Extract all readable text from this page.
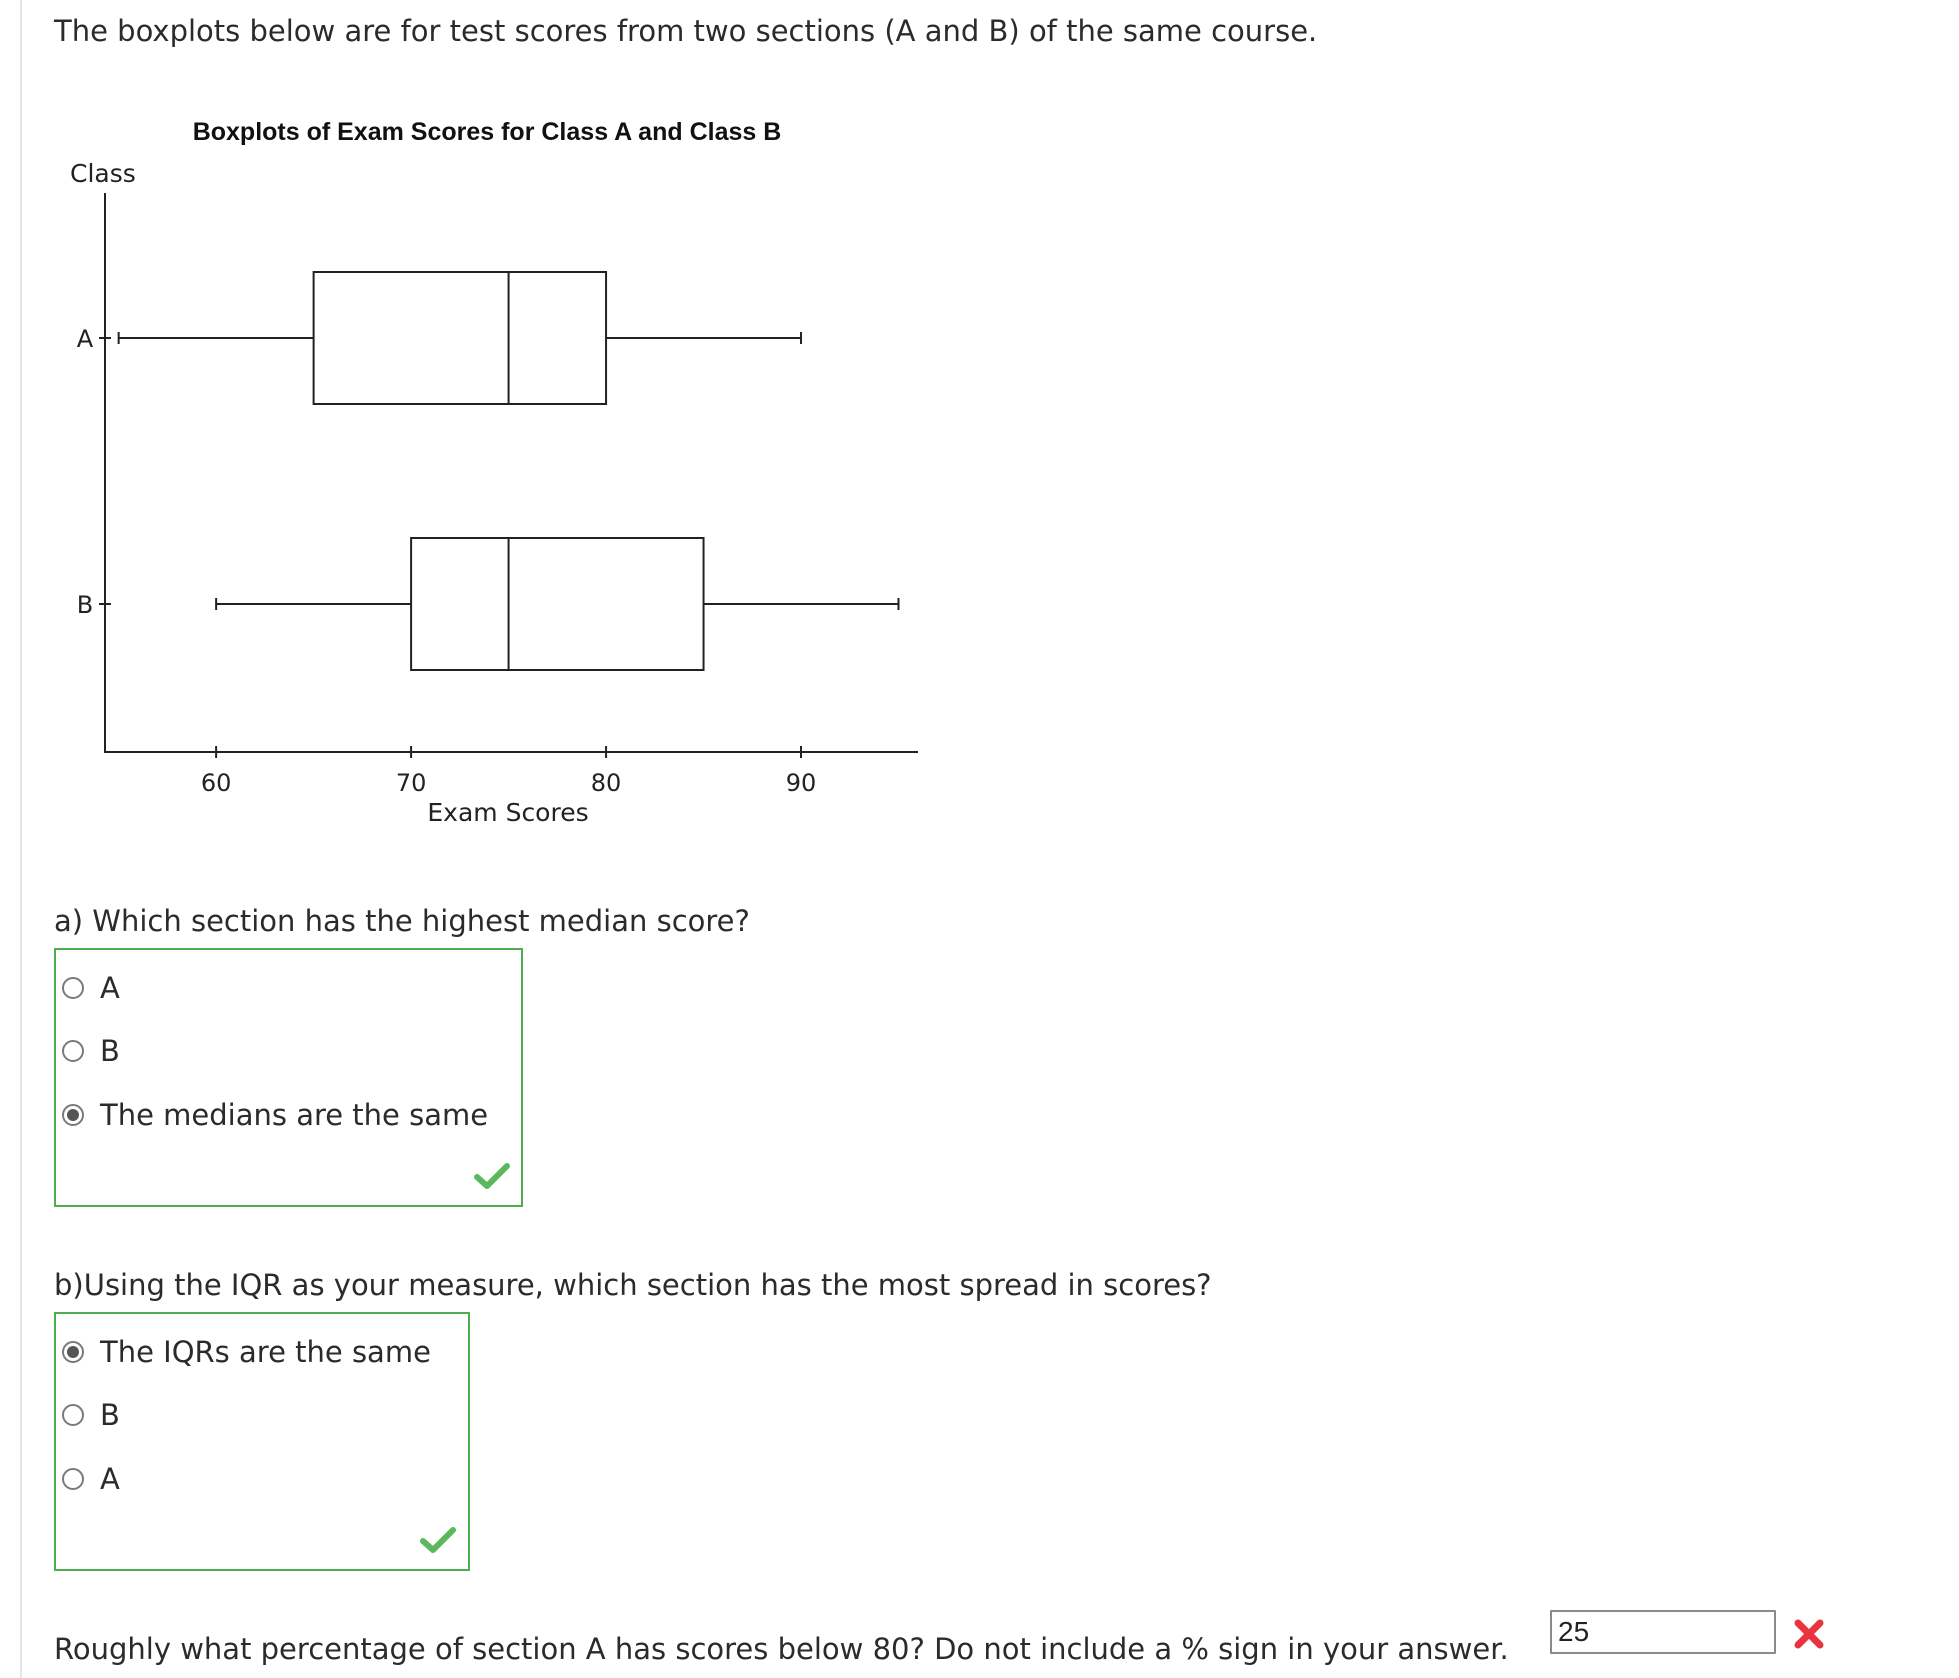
The boxplots below are for test scores from two sections (A and B) of the same course.
Boxplots of Exam Scores for Class A and Class B
Class
Exam Scores
60	70	80	90
A
B
a) Which section has the highest median score?
A
B
The medians are the same
b)Using the IQR as your measure, which section has the most spread in scores?
The IQRs are the same
B
A
Roughly what percentage of section A has scores below 80? Do not include a % sign in your answer.
25
